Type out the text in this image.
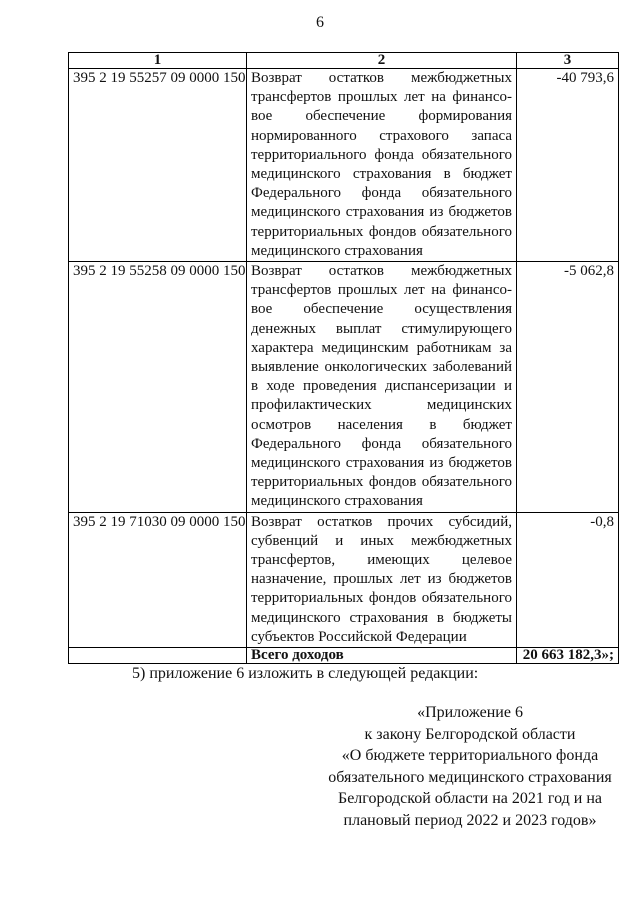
6
1	2	3
395 2 19 55257 09 0000 150	Возврат остатков межбюджетных трансфертов прошлых лет на финансовое обеспечение формирования нормированного страхового запаса территориального фонда обязательного медицинского страхования в бюджет Федерального фонда обязательного медицинского страхования из бюджетов территориальных фондов обязательного медицинского страхования	-40 793,6
395 2 19 55258 09 0000 150	Возврат остатков межбюджетных трансфертов прошлых лет на финансовое обеспечение осуществления денежных выплат стимулирующего характера медицинским работникам за выявление онкологических заболеваний в ходе проведения диспансеризации и профилактических медицинских осмотров населения в бюджет Федерального фонда обязательного медицинского страхования из бюджетов территориальных фондов обязательного медицинского страхования	-5 062,8
395 2 19 71030 09 0000 150	Возврат остатков прочих субсидий, субвенций и иных межбюджетных трансфертов, имеющих целевое назначение, прошлых лет из бюджетов территориальных фондов обязательного медицинского страхования в бюджеты субъектов Российской Федерации	-0,8
	Всего доходов	20 663 182,3»;
5) приложение 6 изложить в следующей редакции:
«Приложение 6
к закону Белгородской области
«О бюджете территориального фонда
обязательного медицинского страхования
Белгородской области на 2021 год и на
плановый период 2022 и 2023 годов»
